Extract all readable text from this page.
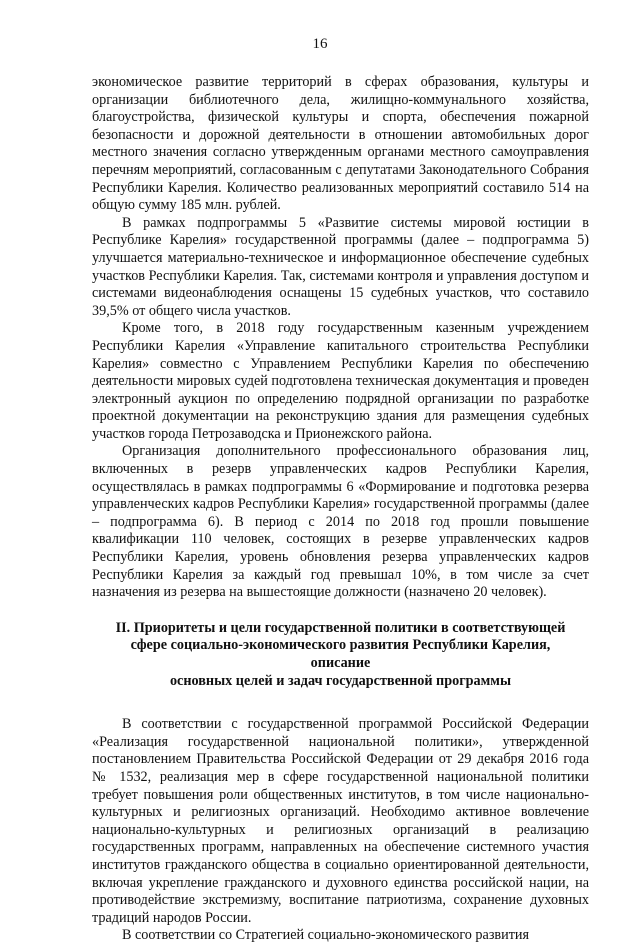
16

экономическое развитие территорий в сферах образования, культуры и организации библиотечного дела, жилищно-коммунального хозяйства, благоустройства, физической культуры и спорта, обеспечения пожарной безопасности и дорожной деятельности в отношении автомобильных дорог местного значения согласно утвержденным органами местного самоуправления перечням мероприятий, согласованным с депутатами Законодательного Собрания Республики Карелия. Количество реализованных мероприятий составило 514 на общую сумму 185 млн. рублей.

В рамках подпрограммы 5 «Развитие системы мировой юстиции в Республике Карелия» государственной программы (далее – подпрограмма 5) улучшается материально-техническое и информационное обеспечение судебных участков Республики Карелия. Так, системами контроля и управления доступом и системами видеонаблюдения оснащены 15 судебных участков, что составило 39,5% от общего числа участков.

Кроме того, в 2018 году государственным казенным учреждением Республики Карелия «Управление капитального строительства Республики Карелия» совместно с Управлением Республики Карелия по обеспечению деятельности мировых судей подготовлена техническая документация и проведен электронный аукцион по определению подрядной организации по разработке проектной документации на реконструкцию здания для размещения судебных участков города Петрозаводска и Прионежского района.

Организация дополнительного профессионального образования лиц, включенных в резерв управленческих кадров Республики Карелия, осуществлялась в рамках подпрограммы 6 «Формирование и подготовка резерва управленческих кадров Республики Карелия» государственной программы (далее – подпрограмма 6). В период с 2014 по 2018 год прошли повышение квалификации 110 человек, состоящих в резерве управленческих кадров Республики Карелия, уровень обновления резерва управленческих кадров Республики Карелия за каждый год превышал 10%, в том числе за счет назначения из резерва на вышестоящие должности (назначено 20 человек).

II. Приоритеты и цели государственной политики в соответствующей
сфере социально-экономического развития Республики Карелия, описание
основных целей и задач государственной программы

В соответствии с государственной программой Российской Федерации «Реализация государственной национальной политики», утвержденной постановлением Правительства Российской Федерации от 29 декабря 2016 года № 1532, реализация мер в сфере государственной национальной политики требует повышения роли общественных институтов, в том числе национально-культурных и религиозных организаций. Необходимо активное вовлечение национально-культурных и религиозных организаций в реализацию государственных программ, направленных на обеспечение системного участия институтов гражданского общества в социально ориентированной деятельности, включая укрепление гражданского и духовного единства российской нации, на противодействие экстремизму, воспитание патриотизма, сохранение духовных традиций народов России.

В соответствии со Стратегией социально-экономического развития
